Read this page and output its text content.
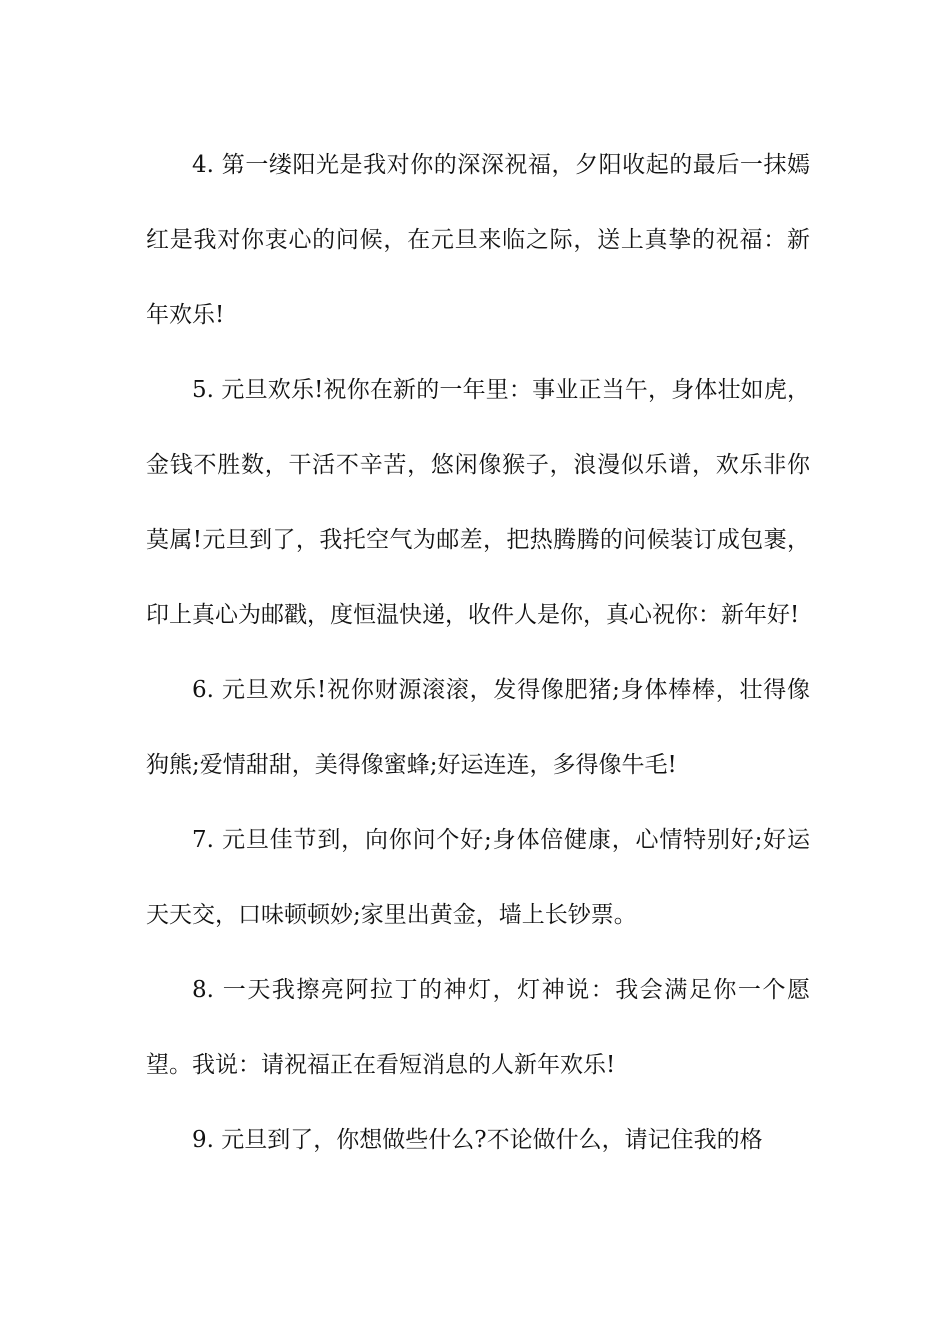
4. 第一缕阳光是我对你的深深祝福，夕阳收起的最后一抹嫣红是我对你衷心的问候，在元旦来临之际，送上真挚的祝福：新年欢乐!

5. 元旦欢乐!祝你在新的一年里：事业正当午，身体壮如虎，金钱不胜数，干活不辛苦，悠闲像猴子，浪漫似乐谱，欢乐非你莫属!元旦到了，我托空气为邮差，把热腾腾的问候装订成包裹，印上真心为邮戳，度恒温快递，收件人是你，真心祝你：新年好!

6. 元旦欢乐!祝你财源滚滚，发得像肥猪;身体棒棒，壮得像狗熊;爱情甜甜，美得像蜜蜂;好运连连，多得像牛毛!

7. 元旦佳节到，向你问个好;身体倍健康，心情特别好;好运天天交，口味顿顿妙;家里出黄金，墙上长钞票。

8. 一天我擦亮阿拉丁的神灯，灯神说：我会满足你一个愿望。我说：请祝福正在看短消息的人新年欢乐!

9. 元旦到了，你想做些什么?不论做什么，请记住我的格
